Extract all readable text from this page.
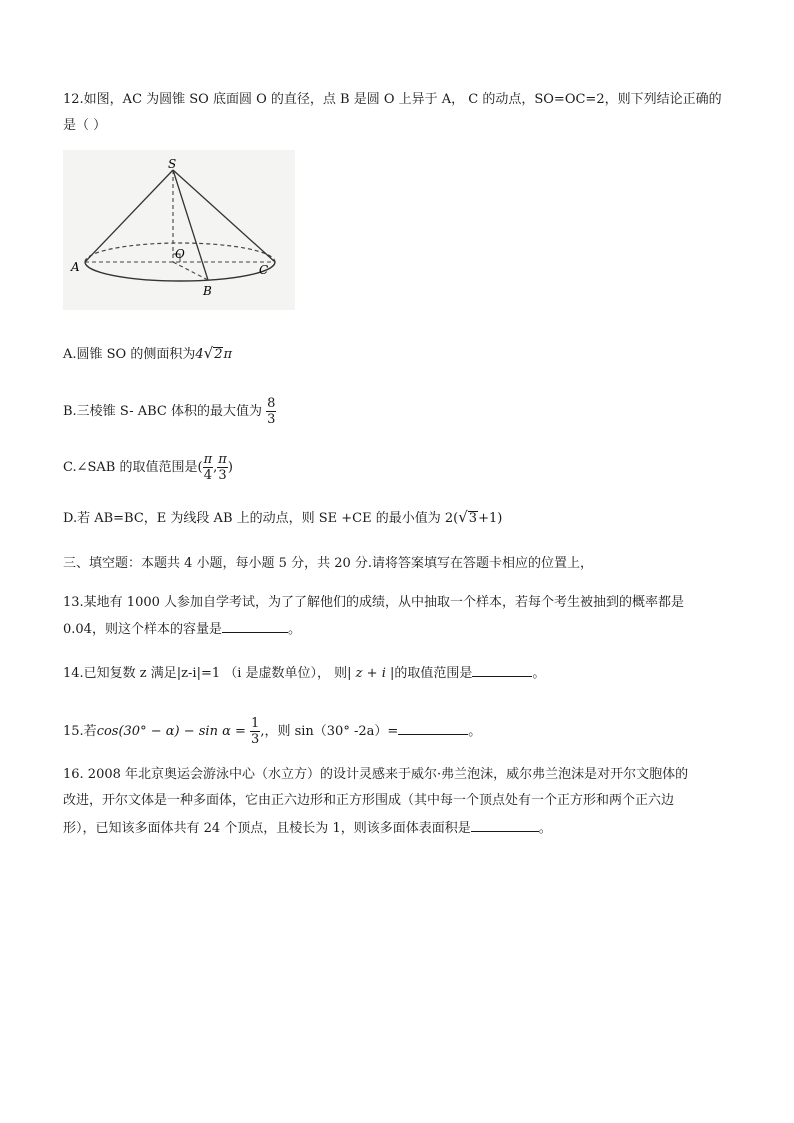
12.如图，AC 为圆锥 SO 底面圆 O 的直径，点 B 是圆 O 上异于 A， C 的动点，SO=OC=2，则下列结论正确的
是（ ）
S
O
A
B
C
A.圆锥 SO 的侧面积为4√2π
B.三棱锥 S- ABC 体积的最大值为 $\frac{8}{3}$
C.∠SAB 的取值范围是( $\frac{\pi}{4}$ , $\frac{\pi}{3}$ )
D.若 AB=BC，E 为线段 AB 上的动点，则 SE +CE 的最小值为 2(√3+1)
三、填空题：本题共 4 小题，每小题 5 分，共 20 分.请将答案填写在答题卡相应的位置上，
13.某地有 1000 人参加自学考试，为了了解他们的成绩，从中抽取一个样本，若每个考生被抽到的概率都是
0.04，则这个样本的容量是	。
14.已知复数 z 满足|z-i|=1 （i 是虚数单位）， 则| z + i |的取值范围是	。
15.若$\cos(30^\circ - \alpha) - \sin \alpha = \frac{1}{3}$ ,，则 sin（30° -2a）=	。
16. 2008 年北京奥运会游泳中心（水立方）的设计灵感来于威尔·弗兰泡沫，威尔弗兰泡沫是对开尔文胞体的
改进，开尔文体是一种多面体，它由正六边形和正方形围成（其中每一个顶点处有一个正方形和两个正六边
形），已知该多面体共有 24 个顶点，且棱长为 1，则该多面体表面积是	。
